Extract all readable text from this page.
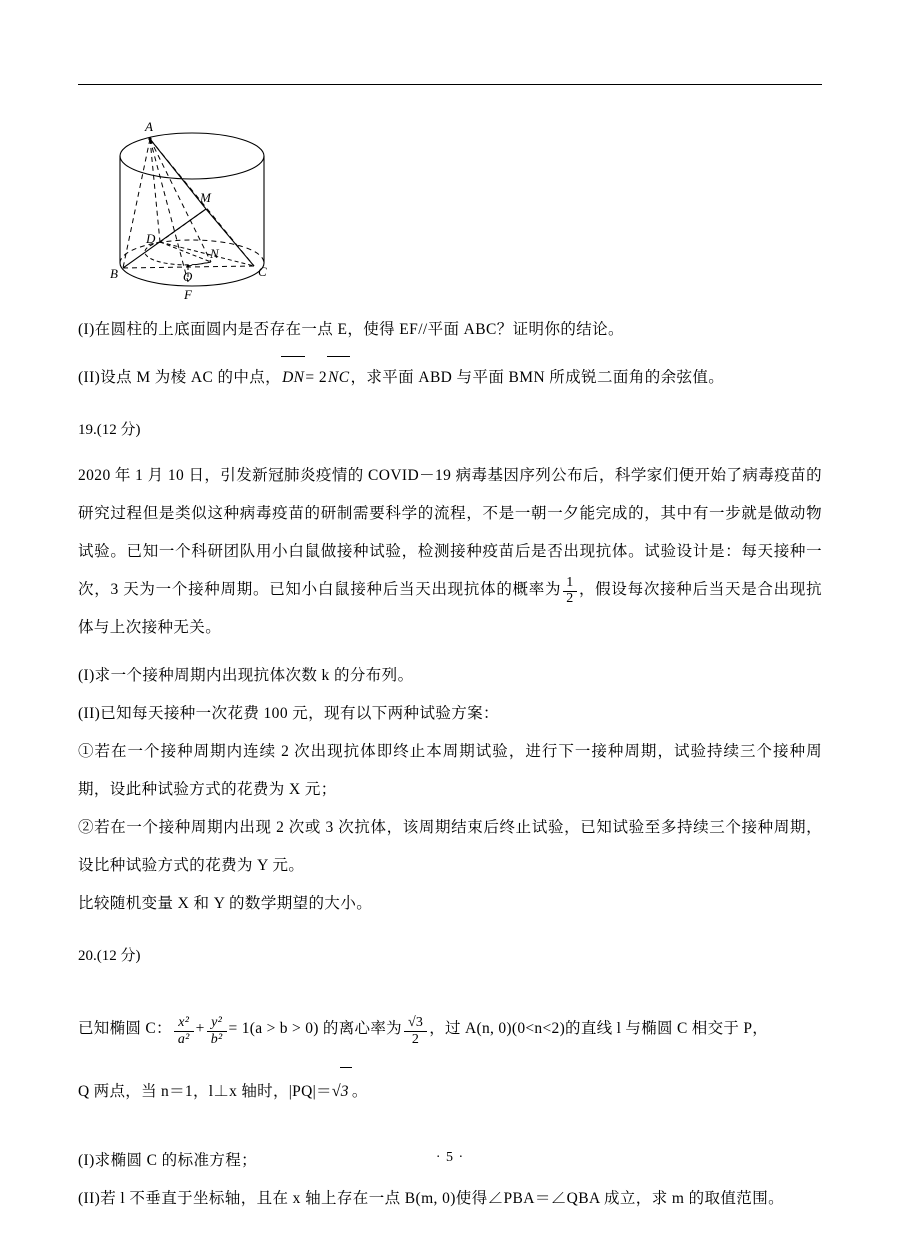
A
M
D
N
B	O	C
F

(I)在圆柱的上底面圆内是否存在一点 E，使得 EF//平面 ABC？证明你的结论。

(II)设点 M 为棱 AC 的中点，DN= 2NC，求平面 ABD 与平面 BMN 所成锐二面角的余弦值。

19.(12 分)

2020 年 1 月 10 日，引发新冠肺炎疫情的 COVID－19 病毒基因序列公布后，科学家们便开始了病毒疫苗的研究过程但是类似这种病毒疫苗的研制需要科学的流程，不是一朝一夕能完成的，其中有一步就是做动物试验。已知一个科研团队用小白鼠做接种试验，检测接种疫苗后是否出现抗体。试验设计是：每天接种一次，3 天为一个接种周期。已知小白鼠接种后当天出现抗体的概率为 $\frac{1}{2}$ ，假设每次接种后当天是合出现抗体与上次接种无关。

(I)求一个接种周期内出现抗体次数 k 的分布列。

(II)已知每天接种一次花费 100 元，现有以下两种试验方案：

①若在一个接种周期内连续 2 次出现抗体即终止本周期试验，进行下一接种周期，试验持续三个接种周期，设此种试验方式的花费为 X 元；

②若在一个接种周期内出现 2 次或 3 次抗体，该周期结束后终止试验，已知试验至多持续三个接种周期，设比种试验方式的花费为 Y 元。

比较随机变量 X 和 Y 的数学期望的大小。

20.(12 分)

已知椭圆 C： $\frac{\text{x²}}{\text{a²}} + \frac{\text{y²}}{\text{b²}} = 1(a > b > 0)$ 的离心率为 $\frac{√3}{2}$ ，过 A(n, 0)(0<n<2)的直线 l 与椭圆 C 相交于 P，

Q 两点，当 n＝1，l⊥x 轴时，|PQ|＝ √ 3 。

(I)求椭圆 C 的标准方程；

(II)若 l 不垂直于坐标轴，且在 x 轴上存在一点 B(m, 0)使得∠PBA＝∠QBA 成立，求 m 的取值范围。

· 5 ·
